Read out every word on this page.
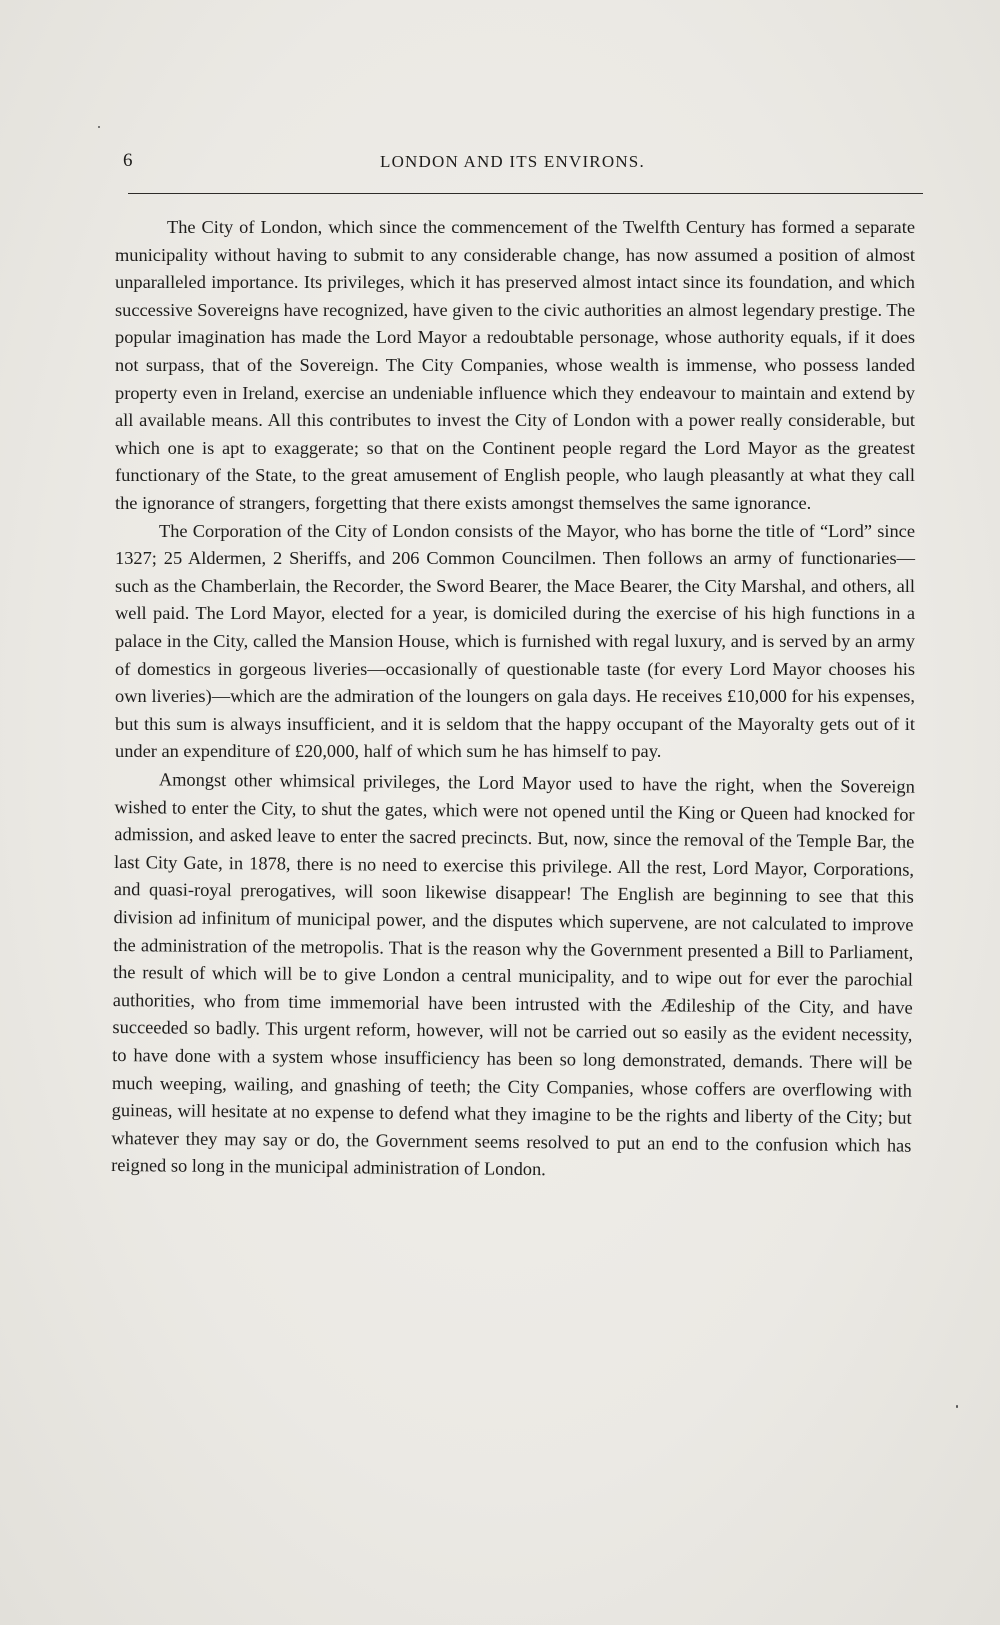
6	LONDON AND ITS ENVIRONS.

The City of London, which since the commencement of the Twelfth Century has formed a separate municipality without having to submit to any considerable change, has now assumed a position of almost unparalleled importance. Its privileges, which it has preserved almost intact since its foundation, and which successive Sovereigns have recognized, have given to the civic authorities an almost legendary prestige. The popular imagination has made the Lord Mayor a redoubtable personage, whose authority equals, if it does not surpass, that of the Sovereign. The City Companies, whose wealth is immense, who possess landed property even in Ireland, exercise an undeniable influence which they endeavour to maintain and extend by all available means. All this contributes to invest the City of London with a power really considerable, but which one is apt to exaggerate; so that on the Continent people regard the Lord Mayor as the greatest functionary of the State, to the great amusement of English people, who laugh pleasantly at what they call the ignorance of strangers, forgetting that there exists amongst themselves the same ignorance.

The Corporation of the City of London consists of the Mayor, who has borne the title of “Lord” since 1327; 25 Aldermen, 2 Sheriffs, and 206 Common Councilmen. Then follows an army of functionaries—such as the Chamberlain, the Recorder, the Sword Bearer, the Mace Bearer, the City Marshal, and others, all well paid. The Lord Mayor, elected for a year, is domiciled during the exercise of his high functions in a palace in the City, called the Mansion House, which is furnished with regal luxury, and is served by an army of domestics in gorgeous liveries—occasionally of questionable taste (for every Lord Mayor chooses his own liveries)—which are the admiration of the loungers on gala days. He receives £10,000 for his expenses, but this sum is always insufficient, and it is seldom that the happy occupant of the Mayoralty gets out of it under an expenditure of £20,000, half of which sum he has himself to pay.

Amongst other whimsical privileges, the Lord Mayor used to have the right, when the Sovereign wished to enter the City, to shut the gates, which were not opened until the King or Queen had knocked for admission, and asked leave to enter the sacred precincts. But, now, since the removal of the Temple Bar, the last City Gate, in 1878, there is no need to exercise this privilege. All the rest, Lord Mayor, Corporations, and quasi-royal prerogatives, will soon likewise disappear! The English are beginning to see that this division ad infinitum of municipal power, and the disputes which supervene, are not calculated to improve the administration of the metropolis. That is the reason why the Government presented a Bill to Parliament, the result of which will be to give London a central municipality, and to wipe out for ever the parochial authorities, who from time immemorial have been intrusted with the Ædileship of the City, and have succeeded so badly. This urgent reform, however, will not be carried out so easily as the evident necessity, to have done with a system whose insufficiency has been so long demonstrated, demands. There will be much weeping, wailing, and gnashing of teeth; the City Companies, whose coffers are overflowing with guineas, will hesitate at no expense to defend what they imagine to be the rights and liberty of the City; but whatever they may say or do, the Government seems resolved to put an end to the confusion which has reigned so long in the municipal administration of London.
